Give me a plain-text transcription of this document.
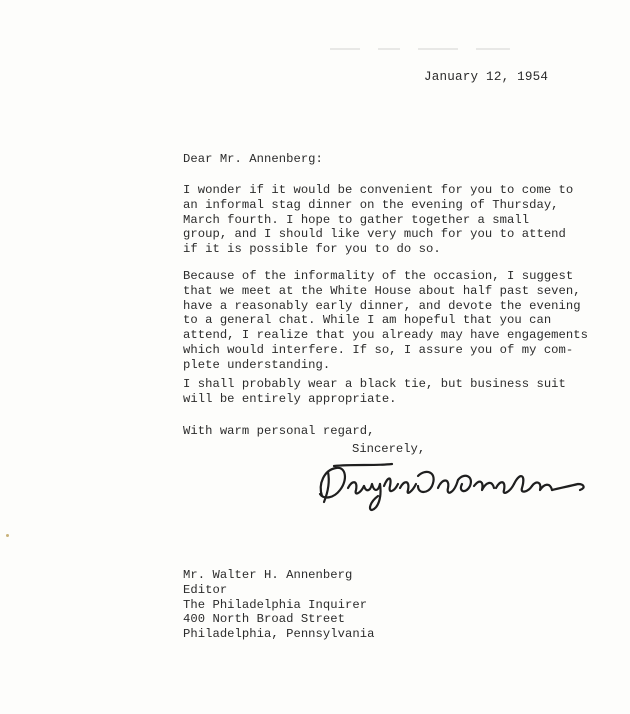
January 12, 1954
Dear Mr. Annenberg:
I wonder if it would be convenient for you to come to
an informal stag dinner on the evening of Thursday,
March fourth. I hope to gather together a small
group, and I should like very much for you to attend
if it is possible for you to do so.
Because of the informality of the occasion, I suggest
that we meet at the White House about half past seven,
have a reasonably early dinner, and devote the evening
to a general chat. While I am hopeful that you can
attend, I realize that you already may have engagements
which would interfere. If so, I assure you of my com-
plete understanding.
I shall probably wear a black tie, but business suit
will be entirely appropriate.
With warm personal regard,
Sincerely,
Mr. Walter H. Annenberg
Editor
The Philadelphia Inquirer
400 North Broad Street
Philadelphia, Pennsylvania
